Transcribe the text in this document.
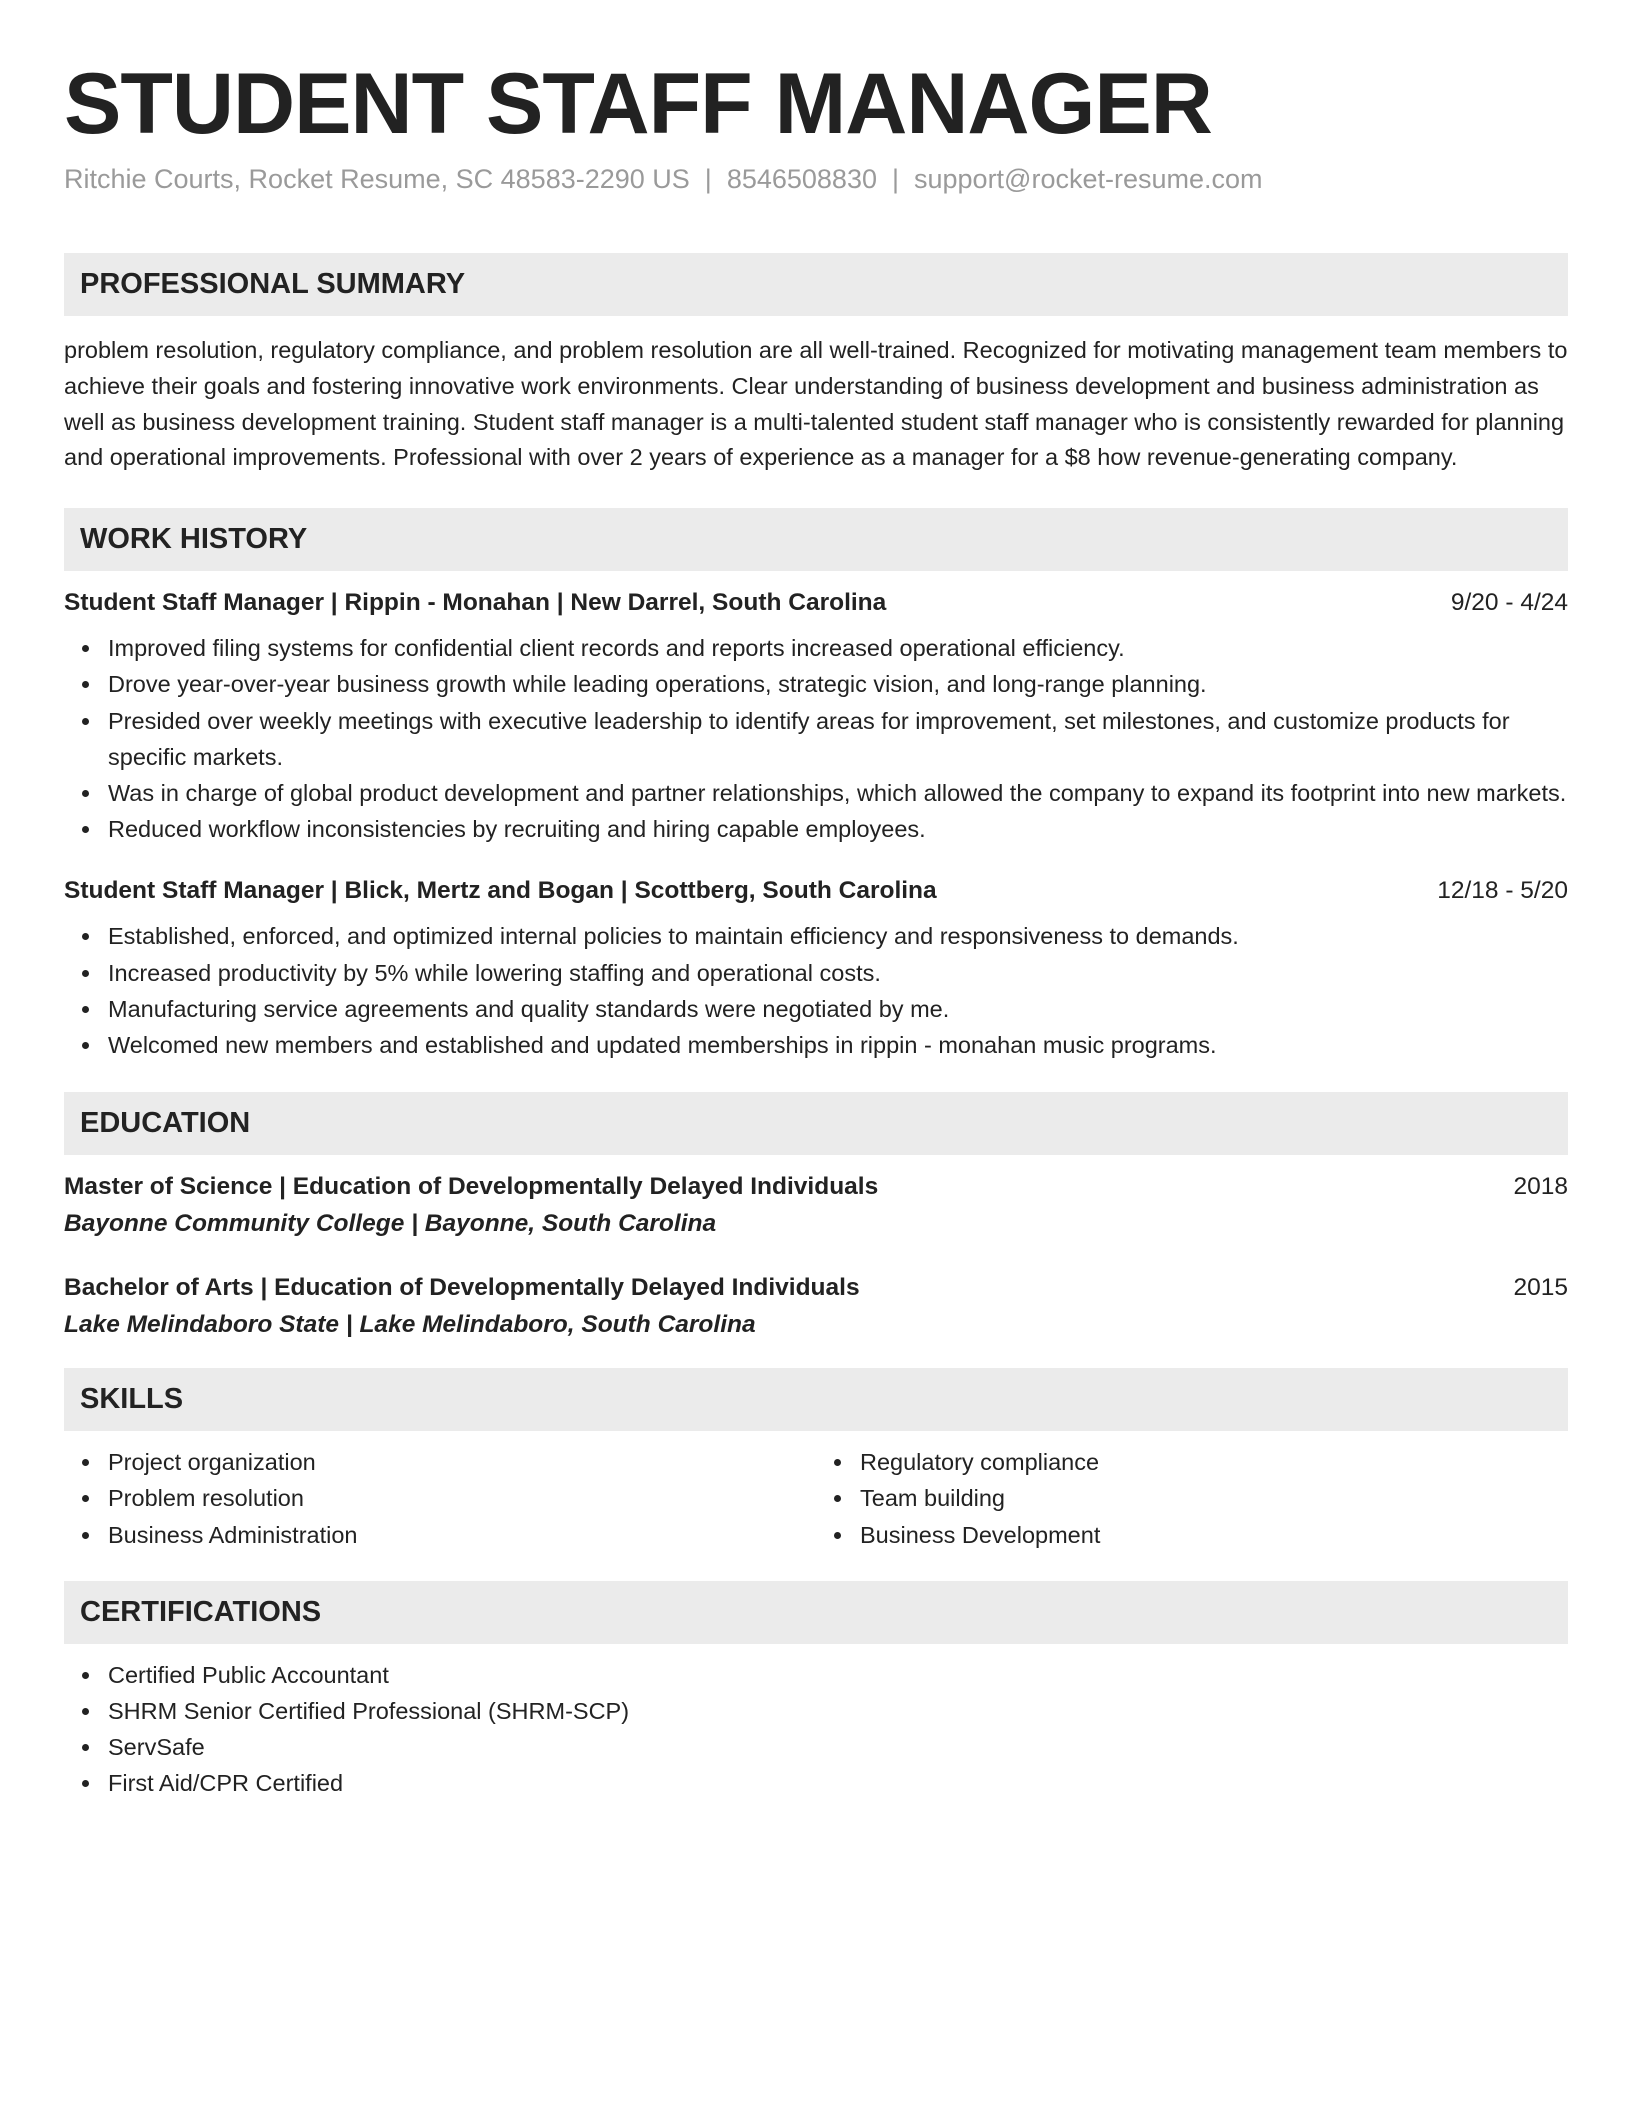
STUDENT STAFF MANAGER
Ritchie Courts, Rocket Resume, SC 48583-2290 US | 8546508830 | support@rocket-resume.com
PROFESSIONAL SUMMARY

problem resolution, regulatory compliance, and problem resolution are all well-trained. Recognized for motivating management team members to achieve their goals and fostering innovative work environments. Clear understanding of business development and business administration as well as business development training. Student staff manager is a multi-talented student staff manager who is consistently rewarded for planning and operational improvements. Professional with over 2 years of experience as a manager for a $8 how revenue-generating company.

WORK HISTORY
Student Staff Manager | Rippin - Monahan | New Darrel, South Carolina	9/20 - 4/24
Improved filing systems for confidential client records and reports increased operational efficiency.
Drove year-over-year business growth while leading operations, strategic vision, and long-range planning.
Presided over weekly meetings with executive leadership to identify areas for improvement, set milestones, and customize products for specific markets.
Was in charge of global product development and partner relationships, which allowed the company to expand its footprint into new markets.
Reduced workflow inconsistencies by recruiting and hiring capable employees.
Student Staff Manager | Blick, Mertz and Bogan | Scottberg, South Carolina	12/18 - 5/20
Established, enforced, and optimized internal policies to maintain efficiency and responsiveness to demands.
Increased productivity by 5% while lowering staffing and operational costs.
Manufacturing service agreements and quality standards were negotiated by me.
Welcomed new members and established and updated memberships in rippin - monahan music programs.
EDUCATION
Master of Science | Education of Developmentally Delayed Individuals	2018
Bayonne Community College | Bayonne, South Carolina
Bachelor of Arts | Education of Developmentally Delayed Individuals	2015
Lake Melindaboro State | Lake Melindaboro, South Carolina
SKILLS
Project organization
Problem resolution
Business Administration
Regulatory compliance
Team building
Business Development
CERTIFICATIONS
Certified Public Accountant
SHRM Senior Certified Professional (SHRM-SCP)
ServSafe
First Aid/CPR Certified
